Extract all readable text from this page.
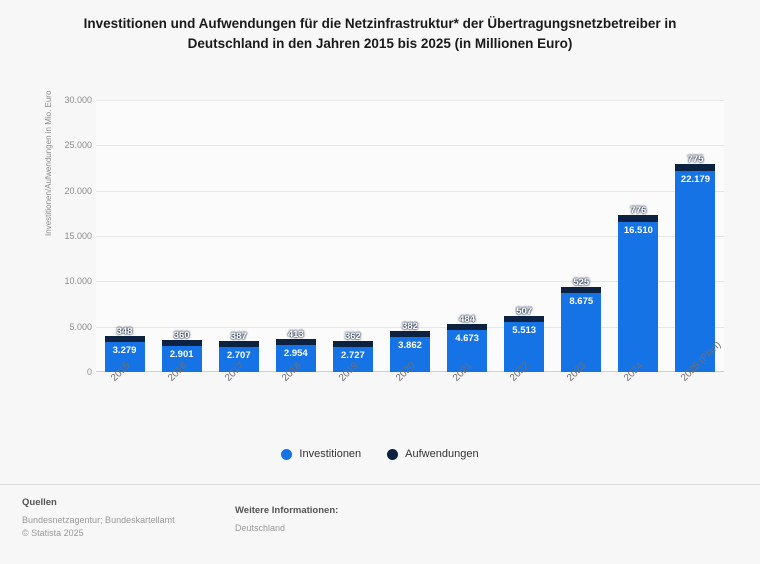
Investitionen und Aufwendungen für die Netzinfrastruktur* der Übertragungsnetzbetreiber in Deutschland in den Jahren 2015 bis 2025 (in Millionen Euro)
Investitionen/Aufwendungen in Mio. Euro
3.279
348
2.901
360
2.707
387
2.954
413
2.727
362
3.862
382
4.673
484
5.513
507
8.675
525
16.510
776
22.179
775
2015	2016	2017	2018	2019	2020	2021	2022	2023	2024	2025 (Plan)
0
5.000
10.000
15.000
20.000
25.000
30.000
Investitionen	Aufwendungen
Quellen
Bundesnetzagentur; Bundeskartellamt
© Statista 2025
Weitere Informationen:
Deutschland
